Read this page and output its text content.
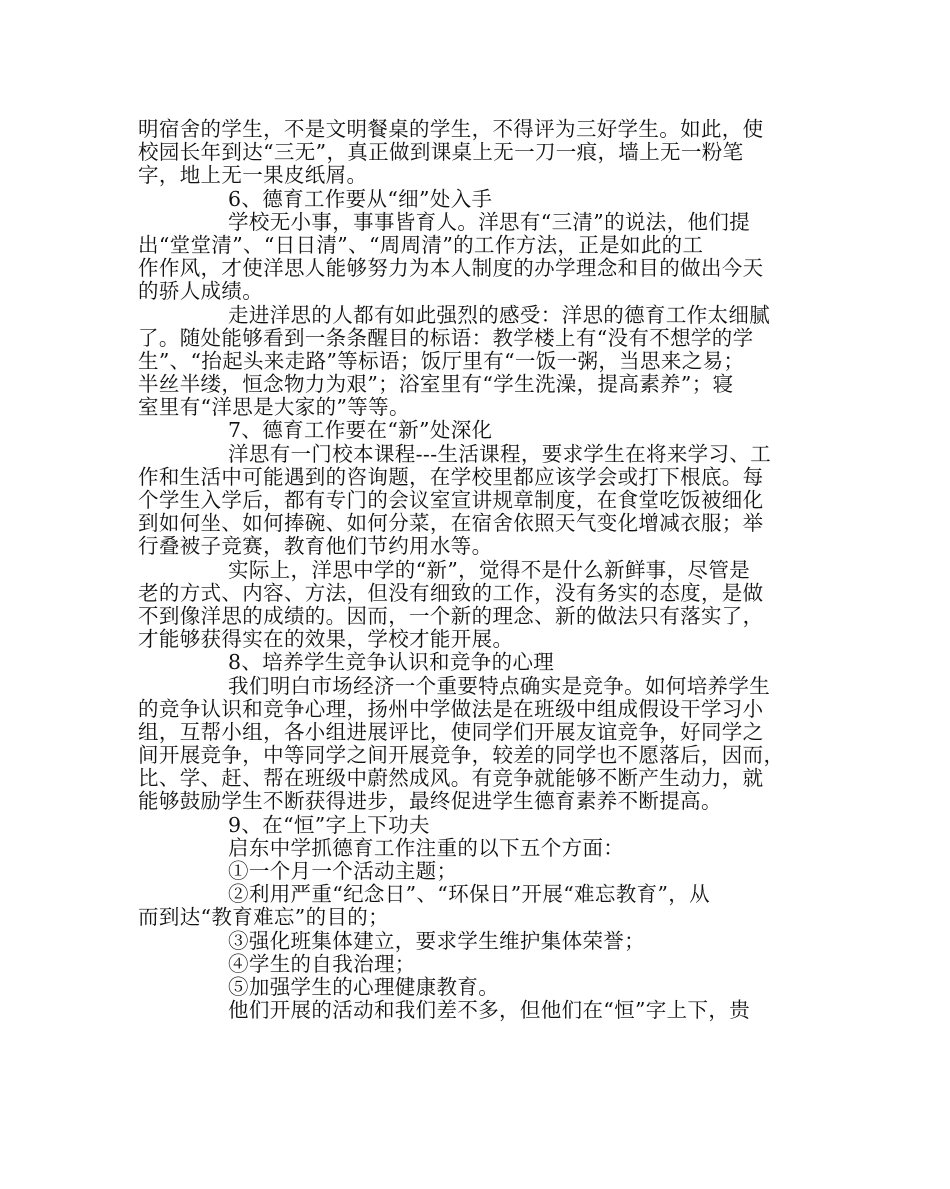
明宿舍的学生，不是文明餐桌的学生，不得评为三好学生。如此，使
校园长年到达“三无”，真正做到课桌上无一刀一痕，墙上无一粉笔
字，地上无一果皮纸屑。
6、德育工作要从“细”处入手
学校无小事，事事皆育人。洋思有“三清”的说法，他们提
出“堂堂清”、“日日清”、“周周清”的工作方法，正是如此的工
作作风，才使洋思人能够努力为本人制度的办学理念和目的做出今天
的骄人成绩。
走进洋思的人都有如此强烈的感受：洋思的德育工作太细腻
了。随处能够看到一条条醒目的标语：教学楼上有“没有不想学的学
生”、“抬起头来走路”等标语；饭厅里有“一饭一粥，当思来之易；
半丝半缕，恒念物力为艰”；浴室里有“学生洗澡，提高素养”；寝
室里有“洋思是大家的”等等。
7、德育工作要在“新”处深化
洋思有一门校本课程---生活课程，要求学生在将来学习、工
作和生活中可能遇到的咨询题，在学校里都应该学会或打下根底。每
个学生入学后，都有专门的会议室宣讲规章制度，在食堂吃饭被细化
到如何坐、如何捧碗、如何分菜，在宿舍依照天气变化增减衣服；举
行叠被子竞赛，教育他们节约用水等。
实际上，洋思中学的“新”，觉得不是什么新鲜事，尽管是
老的方式、内容、方法，但没有细致的工作，没有务实的态度，是做
不到像洋思的成绩的。因而，一个新的理念、新的做法只有落实了，
才能够获得实在的效果，学校才能开展。
8、培养学生竞争认识和竞争的心理
我们明白市场经济一个重要特点确实是竞争。如何培养学生
的竞争认识和竞争心理，扬州中学做法是在班级中组成假设干学习小
组，互帮小组，各小组进展评比，使同学们开展友谊竞争，好同学之
间开展竞争，中等同学之间开展竞争，较差的同学也不愿落后，因而，
比、学、赶、帮在班级中蔚然成风。有竞争就能够不断产生动力，就
能够鼓励学生不断获得进步，最终促进学生德育素养不断提高。
9、在“恒”字上下功夫
启东中学抓德育工作注重的以下五个方面：
①一个月一个活动主题；
②利用严重“纪念日”、“环保日”开展“难忘教育”，从
而到达“教育难忘”的目的；
③强化班集体建立，要求学生维护集体荣誉；
④学生的自我治理；
⑤加强学生的心理健康教育。
他们开展的活动和我们差不多，但他们在“恒”字上下，贵
